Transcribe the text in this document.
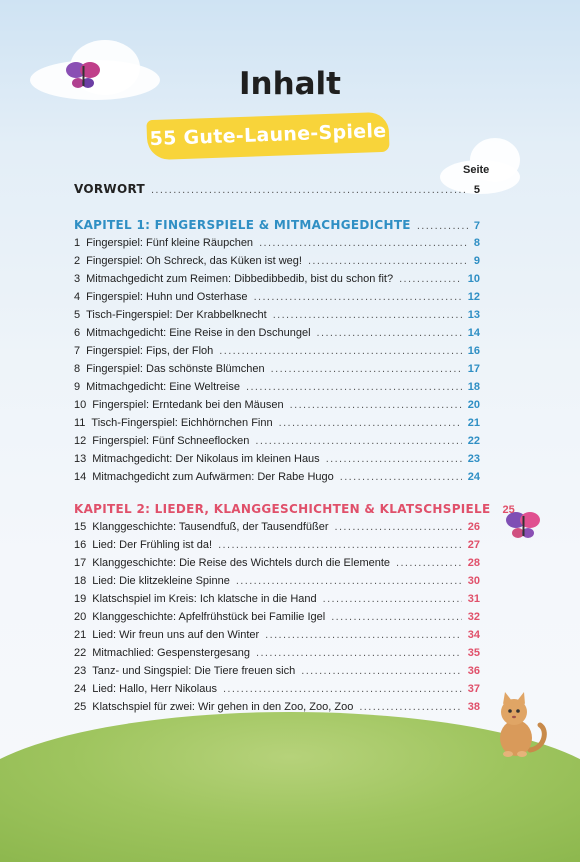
Inhalt
55 Gute-Laune-Spiele
Seite
VORWORT .....	5
KAPITEL 1: FINGERSPIELE & MITMACHGEDICHTE .....	7
1 Fingerspiel: Fünf kleine Räupchen .....	8
2 Fingerspiel: Oh Schreck, das Küken ist weg! .....	9
3 Mitmachgedicht zum Reimen: Dibbedibbedib, bist du schon fit? .....	10
4 Fingerspiel: Huhn und Osterhase .....	12
5 Tisch-Fingerspiel: Der Krabbelknecht .....	13
6 Mitmachgedicht: Eine Reise in den Dschungel .....	14
7 Fingerspiel: Fips, der Floh .....	16
8 Fingerspiel: Das schönste Blümchen .....	17
9 Mitmachgedicht: Eine Weltreise .....	18
10 Fingerspiel: Erntedank bei den Mäusen .....	20
11 Tisch-Fingerspiel: Eichhörnchen Finn .....	21
12 Fingerspiel: Fünf Schneeflocken .....	22
13 Mitmachgedicht: Der Nikolaus im kleinen Haus .....	23
14 Mitmachgedicht zum Aufwärmen: Der Rabe Hugo .....	24
KAPITEL 2: LIEDER, KLANGGESCHICHTEN & KLATSCHSPIELE 25
15 Klanggeschichte: Tausendfuß, der Tausendfüßer .....	26
16 Lied: Der Frühling ist da! .....	27
17 Klanggeschichte: Die Reise des Wichtels durch die Elemente .....	28
18 Lied: Die klitzekleine Spinne .....	30
19 Klatschspiel im Kreis: Ich klatsche in die Hand .....	31
20 Klanggeschichte: Apfelfrühstück bei Familie Igel .....	32
21 Lied: Wir freun uns auf den Winter .....	34
22 Mitmachlied: Gespenstergesang .....	35
23 Tanz- und Singspiel: Die Tiere freuen sich .....	36
24 Lied: Hallo, Herr Nikolaus .....	37
25 Klatschspiel für zwei: Wir gehen in den Zoo, Zoo, Zoo .....	38
